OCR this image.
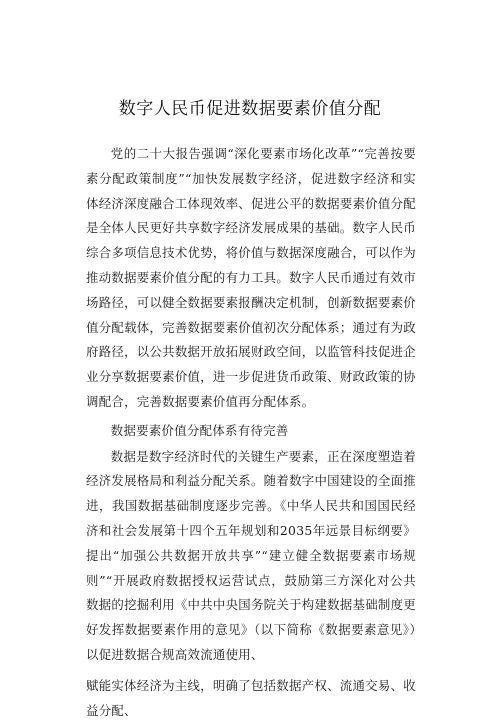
数字人民币促进数据要素价值分配

党的二十大报告强调“深化要素市场化改革”“完善按要素分配政策制度”“加快发展数字经济，促进数字经济和实体经济深度融合工体现效率、促进公平的数据要素价值分配是全体人民更好共享数字经济发展成果的基础。数字人民币综合多项信息技术优势，将价值与数据深度融合，可以作为推动数据要素价值分配的有力工具。数字人民币通过有效市场路径，可以健全数据要素报酬决定机制，创新数据要素价值分配载体，完善数据要素价值初次分配体系；通过有为政府路径，以公共数据开放拓展财政空间，以监管科技促进企业分享数据要素价值，进一步促进货币政策、财政政策的协调配合，完善数据要素价值再分配体系。

数据要素价值分配体系有待完善

数据是数字经济时代的关键生产要素，正在深度塑造着经济发展格局和利益分配关系。随着数字中国建设的全面推进，我国数据基础制度逐步完善。《中华人民共和国国民经济和社会发展第十四个五年规划和2035年远景目标纲要》提出“加强公共数据开放共享”“建立健全数据要素市场规则”“开展政府数据授权运营试点，鼓励第三方深化对公共数据的挖掘利用《中共中央国务院关于构建数据基础制度更好发挥数据要素作用的意见》（以下简称《数据要素意见》）以促进数据合规高效流通使用、

赋能实体经济为主线，明确了包括数据产权、流通交易、收益分配、
